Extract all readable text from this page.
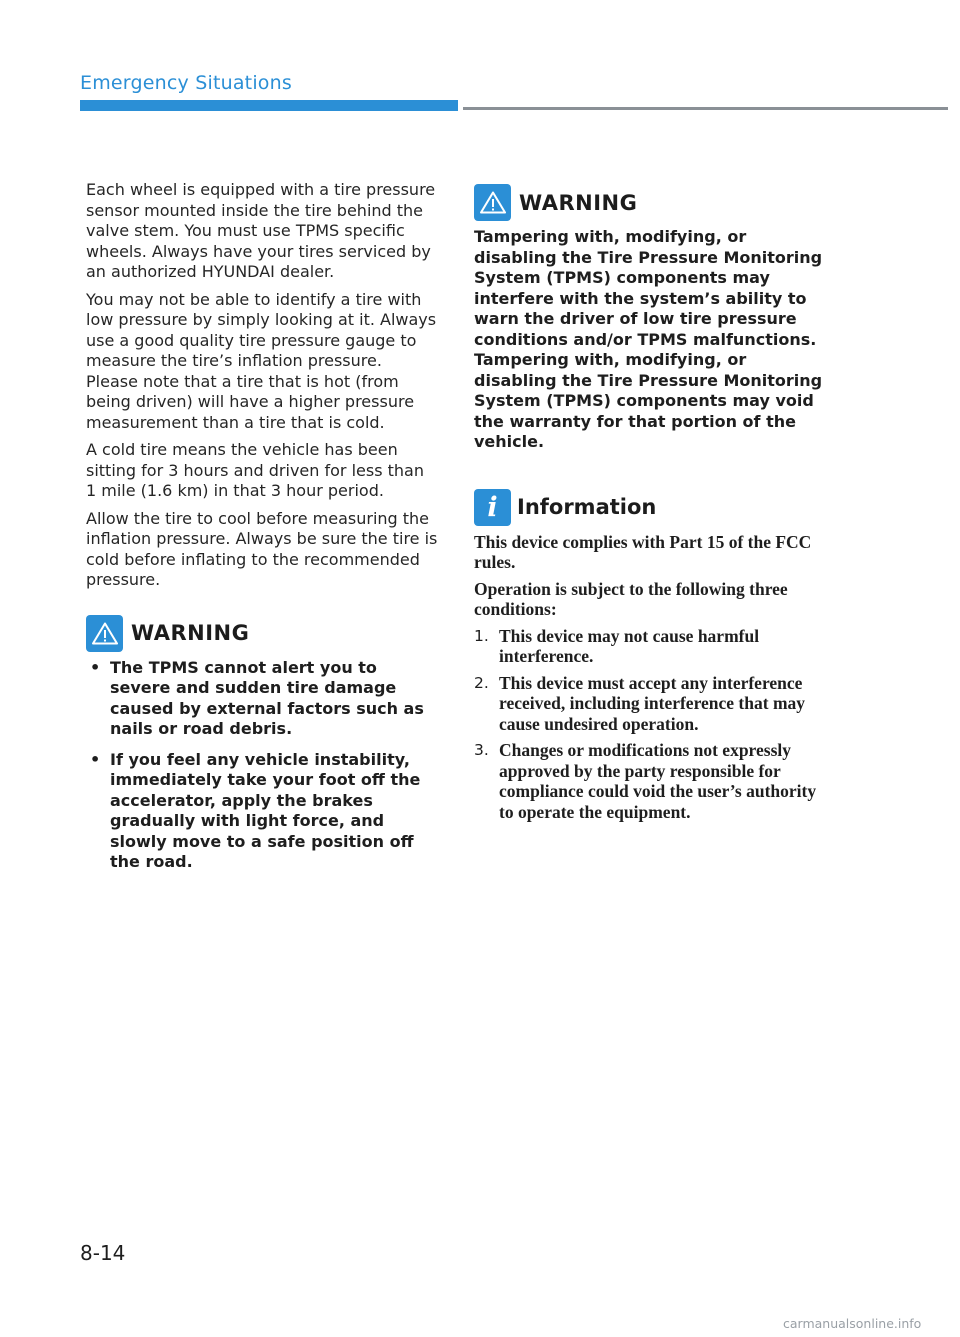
Emergency Situations

Each wheel is equipped with a tire pressure sensor mounted inside the tire behind the valve stem. You must use TPMS specific wheels. Always have your tires serviced by an authorized HYUNDAI dealer.

You may not be able to identify a tire with low pressure by simply looking at it. Always use a good quality tire pressure gauge to measure the tire’s inflation pressure. Please note that a tire that is hot (from being driven) will have a higher pressure measurement than a tire that is cold.

A cold tire means the vehicle has been sitting for 3 hours and driven for less than 1 mile (1.6 km) in that 3 hour period.

Allow the tire to cool before measuring the inflation pressure. Always be sure the tire is cold before inflating to the recommended pressure.

WARNING
• The TPMS cannot alert you to severe and sudden tire damage caused by external factors such as nails or road debris.
• If you feel any vehicle instability, immediately take your foot off the accelerator, apply the brakes gradually with light force, and slowly move to a safe position off the road.
WARNING

Tampering with, modifying, or disabling the Tire Pressure Monitoring System (TPMS) components may interfere with the system’s ability to warn the driver of low tire pressure conditions and/or TPMS malfunctions. Tampering with, modifying, or disabling the Tire Pressure Monitoring System (TPMS) components may void the warranty for that portion of the vehicle.

i Information

This device complies with Part 15 of the FCC rules.

Operation is subject to the following three conditions:

1. This device may not cause harmful interference.
2. This device must accept any interference received, including interference that may cause undesired operation.
3. Changes or modifications not expressly approved by the party responsible for compliance could void the user’s authority to operate the equipment.
8-14
carmanualsonline.info
